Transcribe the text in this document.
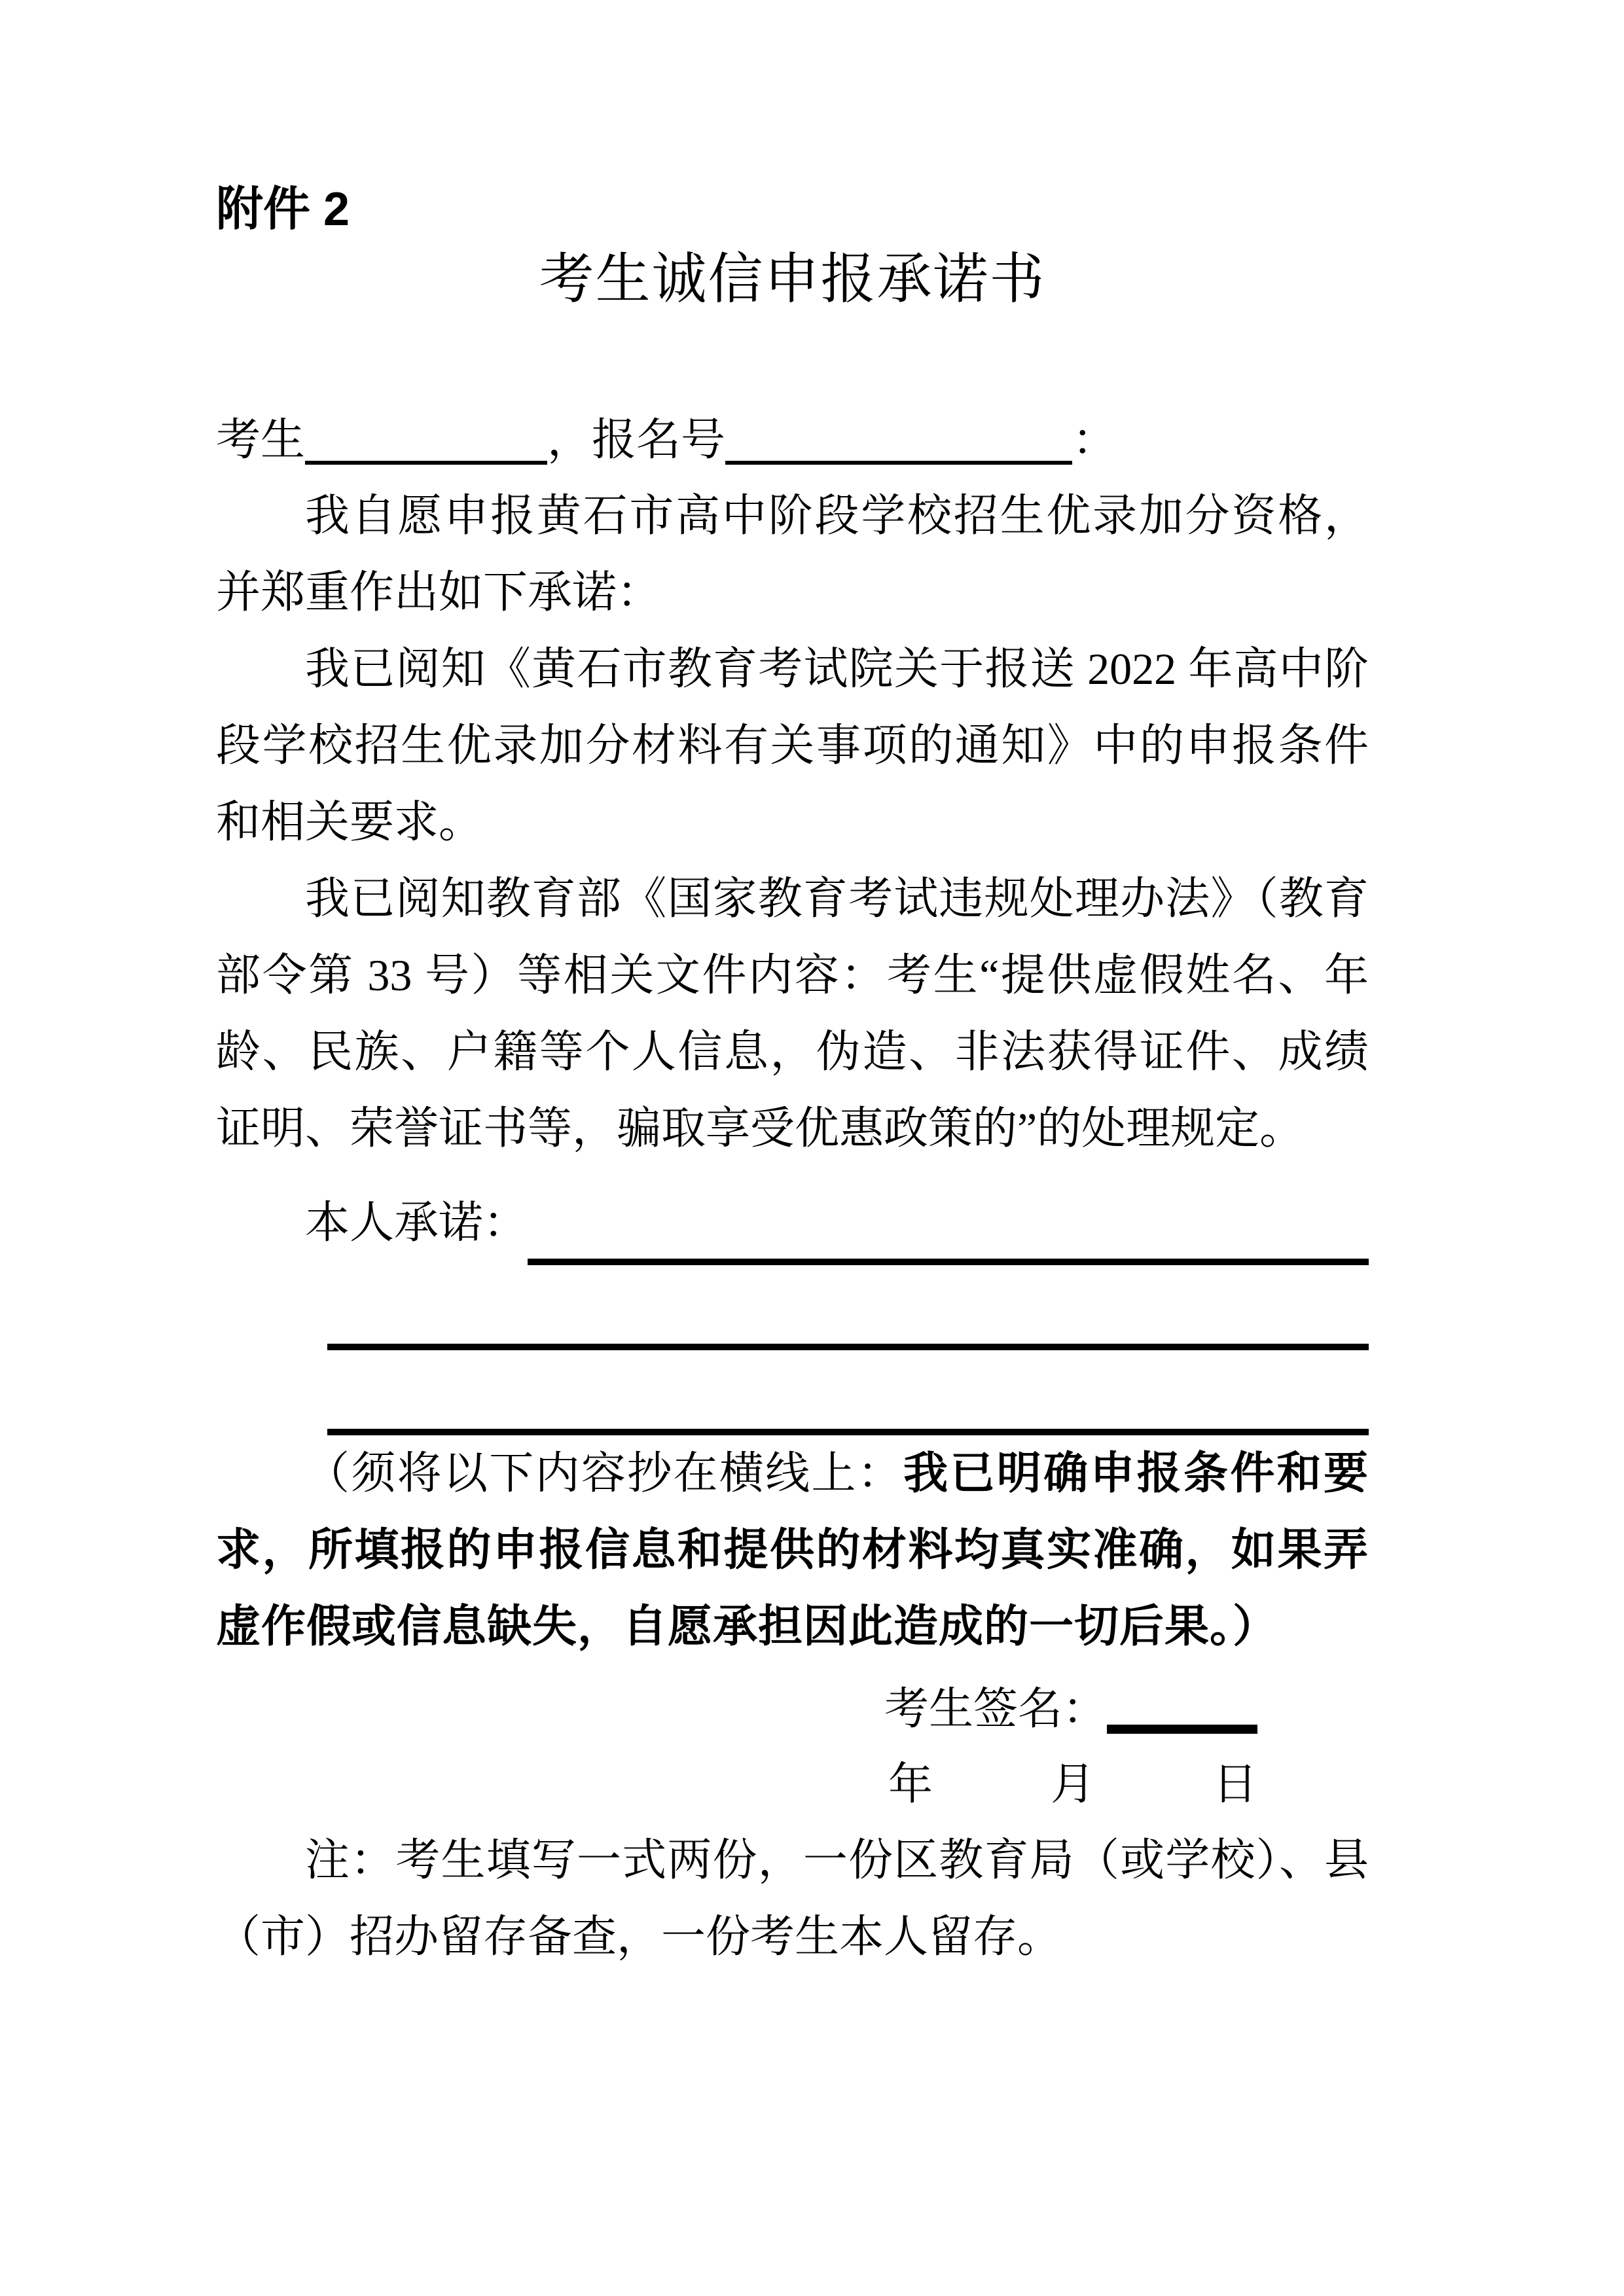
附件 2
考生诚信申报承诺书
考生	，报名号	：

我自愿申报黄石市高中阶段学校招生优录加分资格，并郑重作出如下承诺：

我已阅知《黄石市教育考试院关于报送 2022 年高中阶段学校招生优录加分材料有关事项的通知》中的申报条件和相关要求。

我已阅知教育部《国家教育考试违规处理办法》（教育部令第 33 号）等相关文件内容：考生“提供虚假姓名、年龄、民族、户籍等个人信息，伪造、非法获得证件、成绩证明、荣誉证书等，骗取享受优惠政策的”的处理规定。

本人承诺：

（须将以下内容抄在横线上：我已明确申报条件和要求，所填报的申报信息和提供的材料均真实准确，如果弄虚作假或信息缺失，自愿承担因此造成的一切后果。）

考生签名：
年	月	日

注：考生填写一式两份，一份区教育局（或学校）、县（市）招办留存备查，一份考生本人留存。
